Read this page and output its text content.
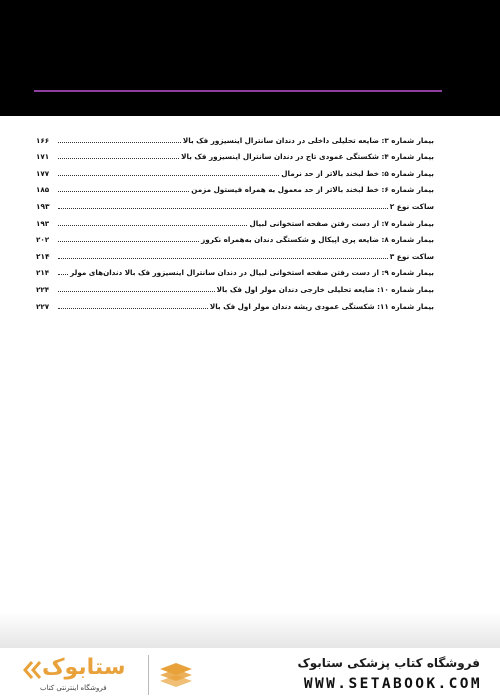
بیمار شماره ۳: ضایعه تحلیلی داخلی در دندان سانترال اینسیزور فک بالا
۱۶۶
بیمار شماره ۴: شکستگی عمودی تاج در دندان سانترال اینسیزور فک بالا
۱۷۱
بیمار شماره ۵: خط لبخند بالاتر از حد نرمال
۱۷۷
بیمار شماره ۶: خط لبخند بالاتر از حد معمول به همراه فیستول مزمن
۱۸۵
ساکت نوع ۲
۱۹۳
بیمار شماره ۷: از دست رفتن صفحه استخوانی لبیال
۱۹۳
بیمار شماره ۸: ضایعه پری اپیکال و شکستگی دندان به‌همراه نکروز
۲۰۲
ساکت نوع ۳
۲۱۴
بیمار شماره ۹: از دست رفتن صفحه استخوانی لبیال در دندان سانترال اینسیزور فک بالا دندان‌های مولر
۲۱۴
بیمار شماره ۱۰: ضایعه تحلیلی خارجی دندان مولر اول فک بالا
۲۲۴
بیمار شماره ۱۱: شکستگی عمودی ریشه دندان مولر اول فک بالا
۲۲۷
فروشگاه کتاب پزشکی ستابوک
WWW.SETABOOK.COM
ستابوک
فروشگاه اینترنتی کتاب
